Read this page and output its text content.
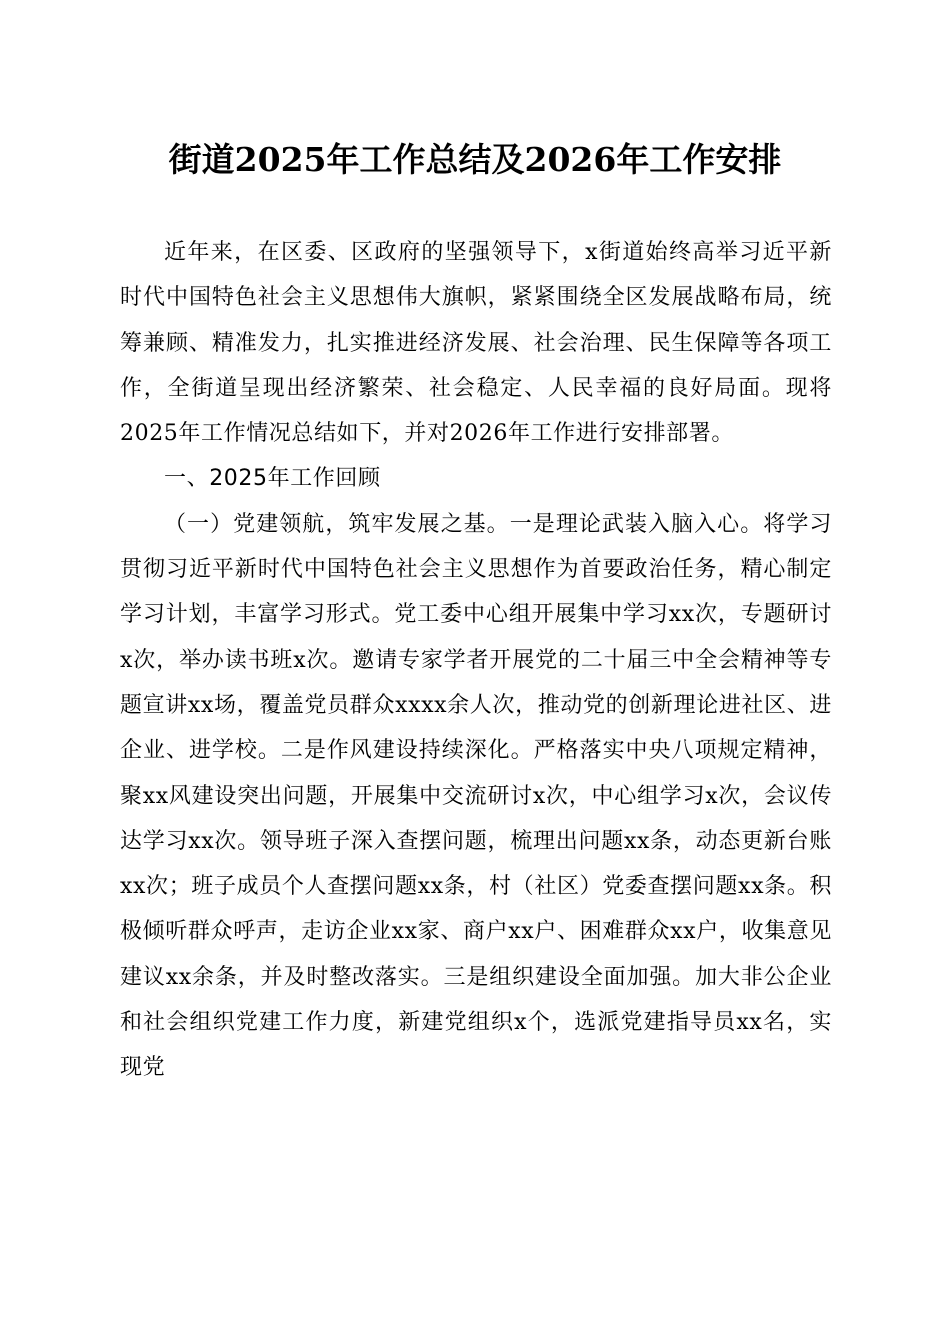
街道2025年工作总结及2026年工作安排

近年来，在区委、区政府的坚强领导下，x街道始终高举习近平新时代中国特色社会主义思想伟大旗帜，紧紧围绕全区发展战略布局，统筹兼顾、精准发力，扎实推进经济发展、社会治理、民生保障等各项工作，全街道呈现出经济繁荣、社会稳定、人民幸福的良好局面。现将2025年工作情况总结如下，并对2026年工作进行安排部署。

一、2025年工作回顾

（一）党建领航，筑牢发展之基。一是理论武装入脑入心。将学习贯彻习近平新时代中国特色社会主义思想作为首要政治任务，精心制定学习计划，丰富学习形式。党工委中心组开展集中学习xx次，专题研讨x次，举办读书班x次。邀请专家学者开展党的二十届三中全会精神等专题宣讲xx场，覆盖党员群众xxxx余人次，推动党的创新理论进社区、进企业、进学校。二是作风建设持续深化。严格落实中央八项规定精神，聚xx风建设突出问题，开展集中交流研讨x次，中心组学习x次，会议传达学习xx次。领导班子深入查摆问题，梳理出问题xx条，动态更新台账xx次；班子成员个人查摆问题xx条，村（社区）党委查摆问题xx条。积极倾听群众呼声，走访企业xx家、商户xx户、困难群众xx户，收集意见建议xx余条，并及时整改落实。三是组织建设全面加强。加大非公企业和社会组织党建工作力度，新建党组织x个，选派党建指导员xx名，实现党
